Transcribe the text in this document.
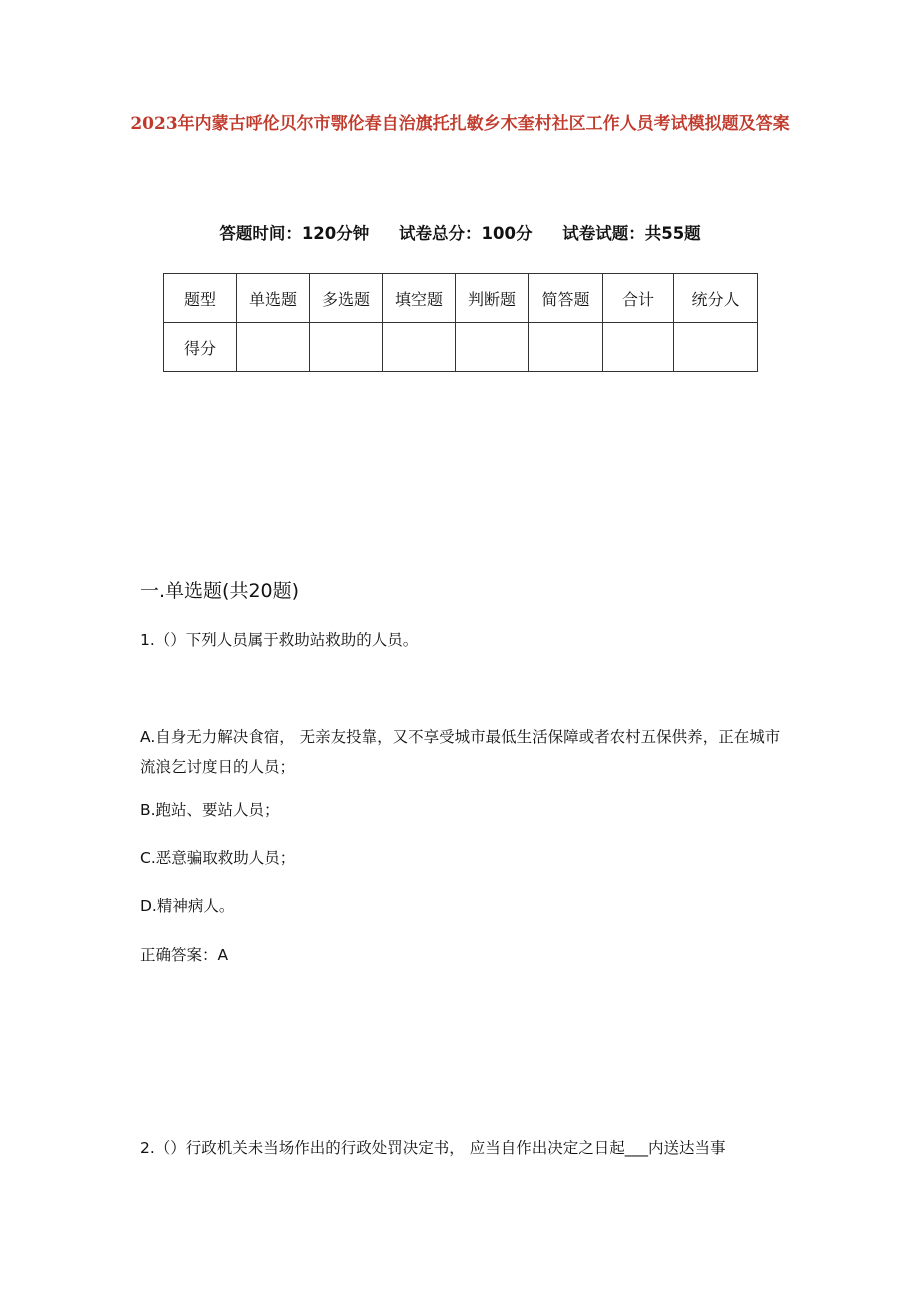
2023年内蒙古呼伦贝尔市鄂伦春自治旗托扎敏乡木奎村社区工作人员考试模拟题及答案
答题时间：120分钟 试卷总分：100分 试卷试题：共55题
题型	单选题	多选题	填空题	判断题	简答题	合计	统分人
得分							
一.单选题(共20题)
1.（）下列人员属于救助站救助的人员。
A.自身无力解决食宿， 无亲友投靠，又不享受城市最低生活保障或者农村五保供养，正在城市流浪乞讨度日的人员；
B.跑站、要站人员；
C.恶意骗取救助人员；
D.精神病人。
正确答案：A
2.（）行政机关未当场作出的行政处罚决定书， 应当自作出决定之日起___内送达当事
